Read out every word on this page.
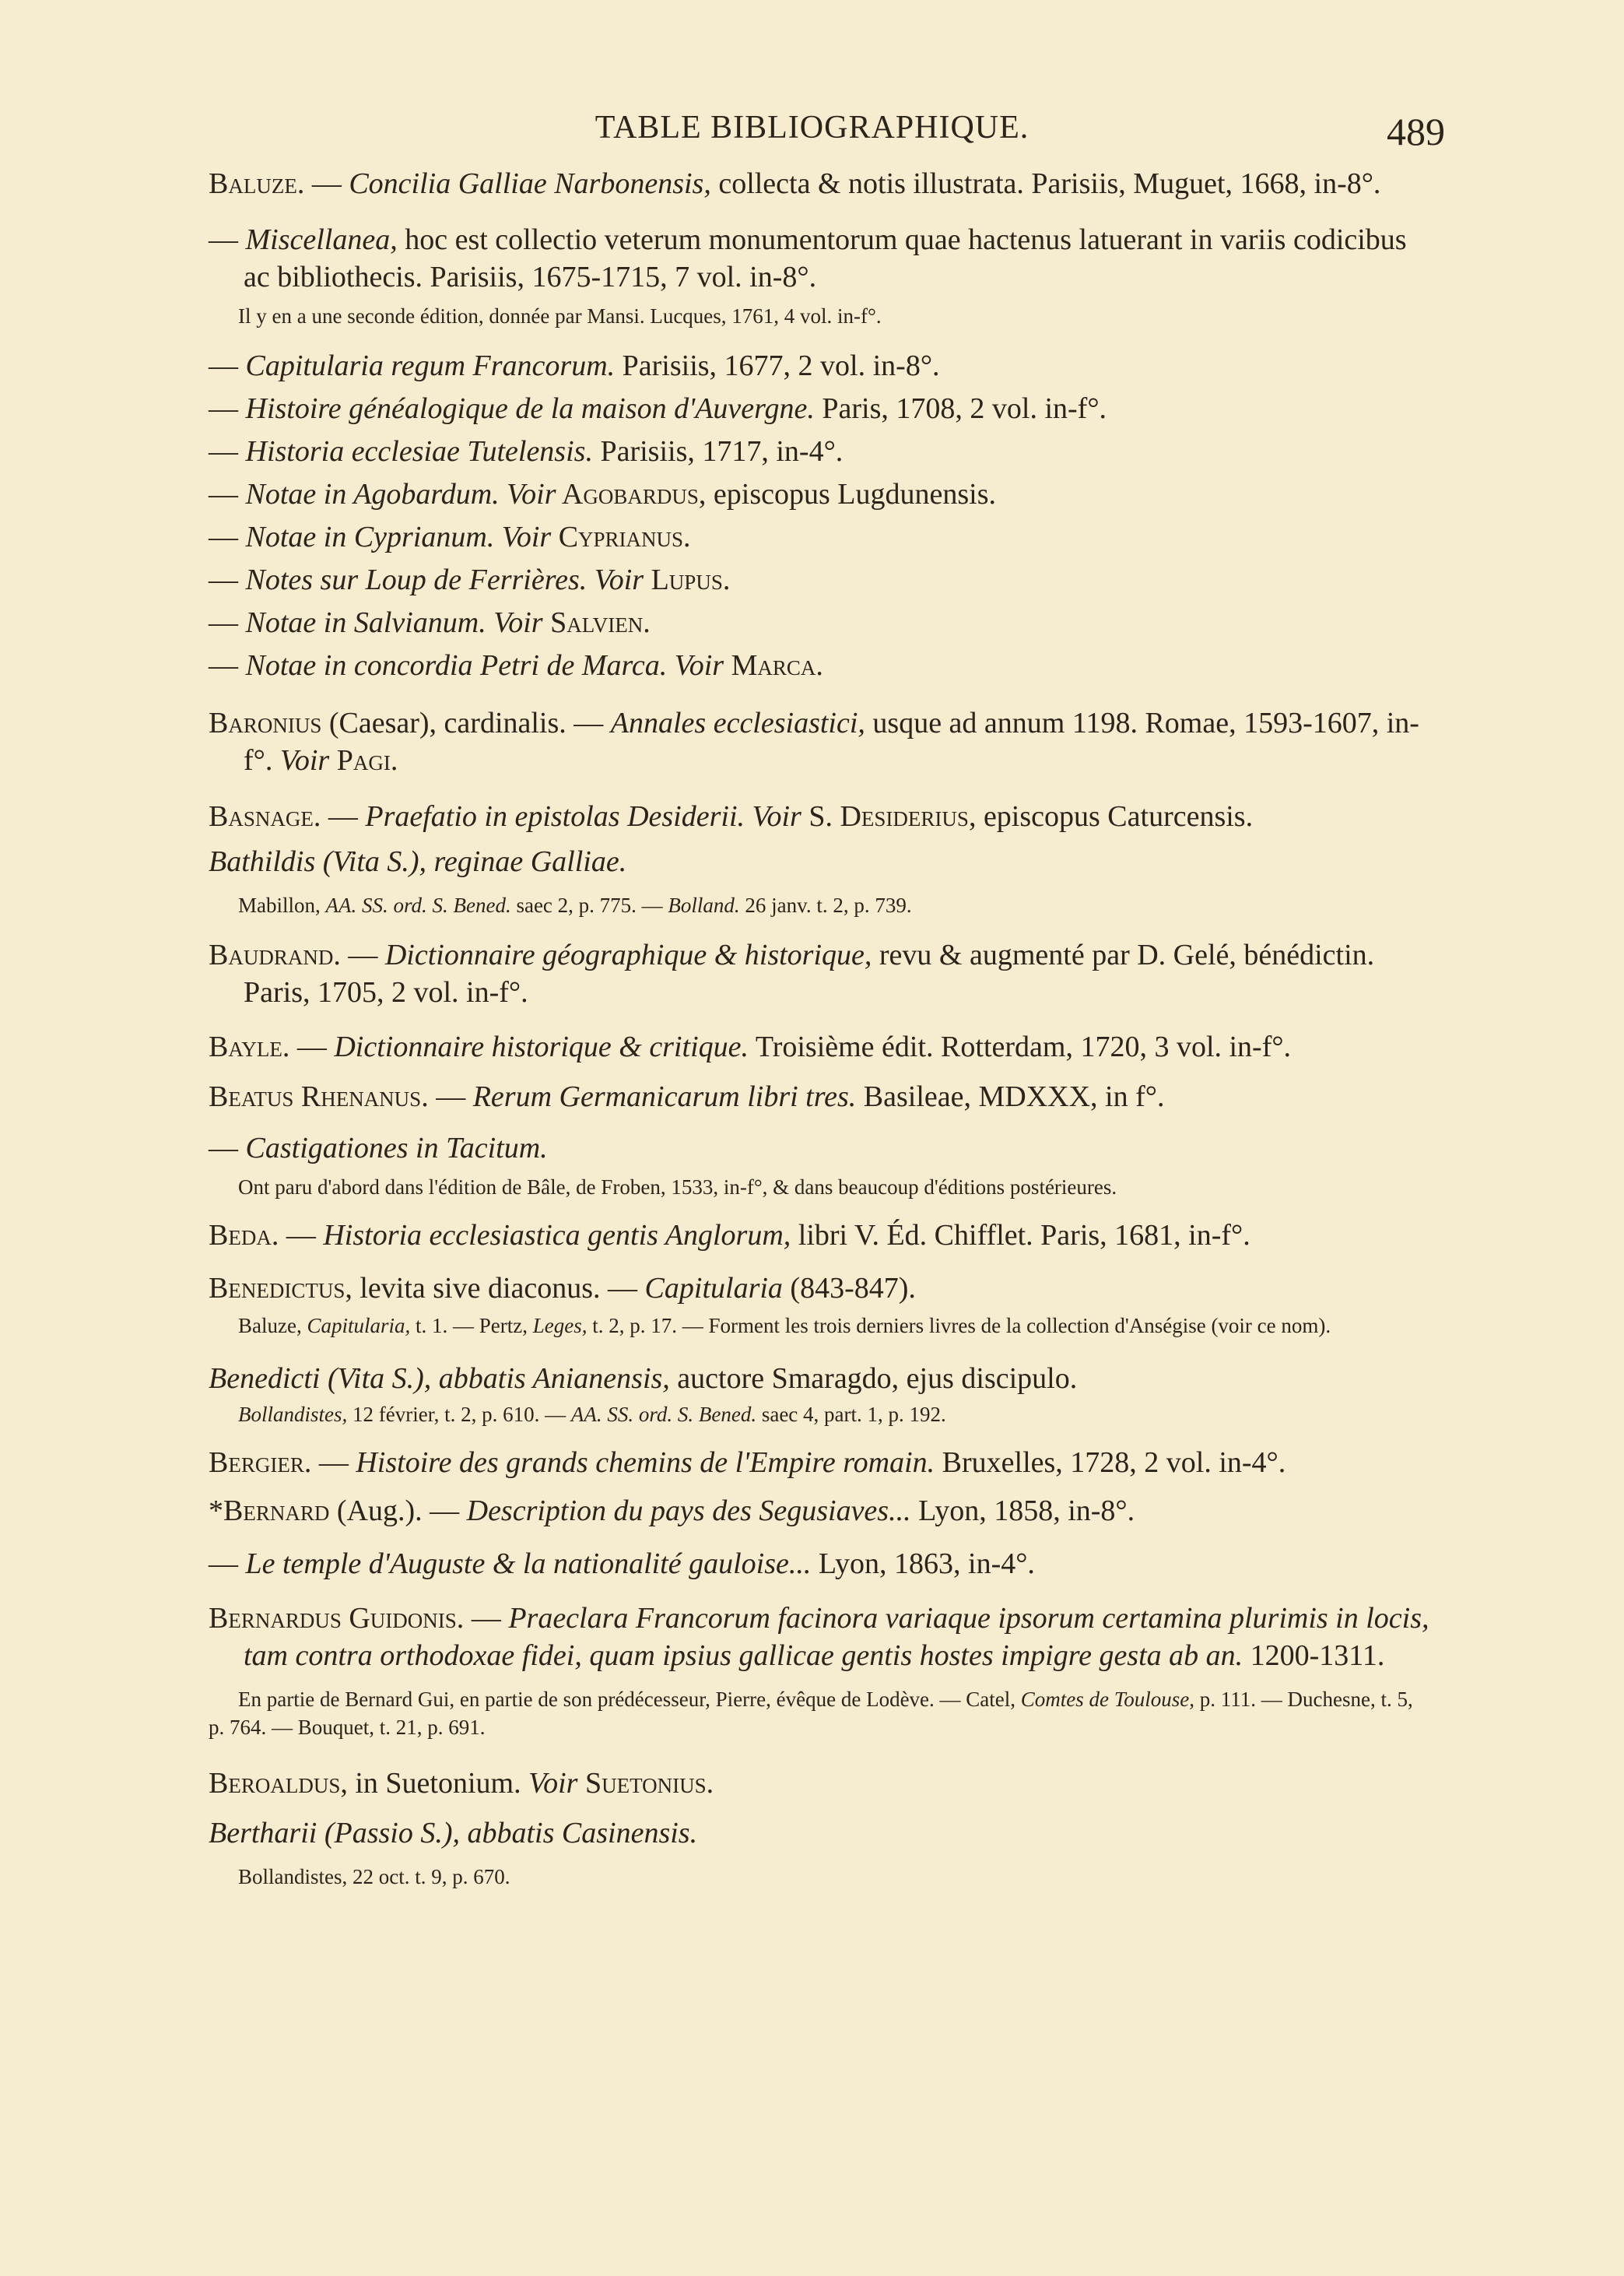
TABLE BIBLIOGRAPHIQUE.	489

Baluze. — Concilia Galliae Narbonensis, collecta & notis illustrata. Parisiis, Muguet, 1668, in-8°.

— Miscellanea, hoc est collectio veterum monumentorum quae hactenus latuerant in variis codicibus ac bibliothecis. Parisiis, 1675-1715, 7 vol. in-8°.

Il y en a une seconde édition, donnée par Mansi. Lucques, 1761, 4 vol. in-f°.

— Capitularia regum Francorum. Parisiis, 1677, 2 vol. in-8°.

— Histoire généalogique de la maison d'Auvergne. Paris, 1708, 2 vol. in-f°.

— Historia ecclesiae Tutelensis. Parisiis, 1717, in-4°.

— Notae in Agobardum. Voir Agobardus, episcopus Lugdunensis.

— Notae in Cyprianum. Voir Cyprianus.

— Notes sur Loup de Ferrières. Voir Lupus.

— Notae in Salvianum. Voir Salvien.

— Notae in concordia Petri de Marca. Voir Marca.

Baronius (Caesar), cardinalis. — Annales ecclesiastici, usque ad annum 1198. Romae, 1593-1607, in-f°. Voir Pagi.

Basnage. — Praefatio in epistolas Desiderii. Voir S. Desiderius, episcopus Caturcensis.

Bathildis (Vita S.), reginae Galliae.

Mabillon, AA. SS. ord. S. Bened. saec 2, p. 775. — Bolland. 26 janv. t. 2, p. 739.

Baudrand. — Dictionnaire géographique & historique, revu & augmenté par D. Gelé, bénédictin. Paris, 1705, 2 vol. in-f°.

Bayle. — Dictionnaire historique & critique. Troisième édit. Rotterdam, 1720, 3 vol. in-f°.

Beatus Rhenanus. — Rerum Germanicarum libri tres. Basileae, MDXXX, in f°.

— Castigationes in Tacitum.

Ont paru d'abord dans l'édition de Bâle, de Froben, 1533, in-f°, & dans beaucoup d'éditions postérieures.

Beda. — Historia ecclesiastica gentis Anglorum, libri V. Éd. Chifflet. Paris, 1681, in-f°.

Benedictus, levita sive diaconus. — Capitularia (843-847).

Baluze, Capitularia, t. 1. — Pertz, Leges, t. 2, p. 17. — Forment les trois derniers livres de la collection d'Anségise (voir ce nom).

Benedicti (Vita S.), abbatis Anianensis, auctore Smaragdo, ejus discipulo.

Bollandistes, 12 février, t. 2, p. 610. — AA. SS. ord. S. Bened. saec 4, part. 1, p. 192.

Bergier. — Histoire des grands chemins de l'Empire romain. Bruxelles, 1728, 2 vol. in-4°.

*Bernard (Aug.). — Description du pays des Segusiaves... Lyon, 1858, in-8°.

— Le temple d'Auguste & la nationalité gauloise... Lyon, 1863, in-4°.

Bernardus Guidonis. — Praeclara Francorum facinora variaque ipsorum certamina plurimis in locis, tam contra orthodoxae fidei, quam ipsius gallicae gentis hostes impigre gesta ab an. 1200-1311.

En partie de Bernard Gui, en partie de son prédécesseur, Pierre, évêque de Lodève. — Catel, Comtes de Toulouse, p. 111. — Duchesne, t. 5, p. 764. — Bouquet, t. 21, p. 691.

Beroaldus, in Suetonium. Voir Suetonius.

Bertharii (Passio S.), abbatis Casinensis.

Bollandistes, 22 oct. t. 9, p. 670.
